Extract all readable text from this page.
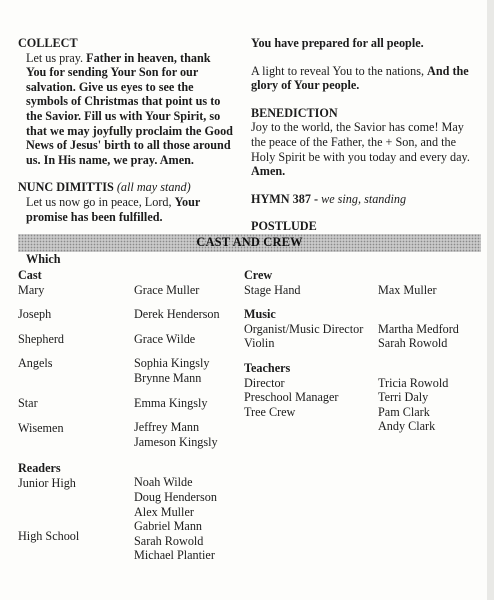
COLLECT

Let us pray. Father in heaven, thank You for sending Your Son for our salvation. Give us eyes to see the symbols of Christmas that point us to the Savior. Fill us with Your Spirit, so that we may joyfully proclaim the Good News of Jesus' birth to all those around us. In His name, we pray. Amen.

NUNC DIMITTIS (all may stand)

Let us now go in peace, Lord, Your promise has been fulfilled.

Which

You have prepared for all people.

A light to reveal You to the nations, And the glory of Your people.

BENEDICTION

Joy to the world, the Savior has come! May the peace of the Father, the + Son, and the Holy Spirit be with you today and every day. Amen.

HYMN 387 - we sing, standing

POSTLUDE
CAST AND CREW
Cast
Mary
Joseph
Shepherd
Angels
Star
Wisemen
Readers
Junior High
High School
Grace Muller
Derek Henderson
Grace Wilde
Sophia Kingsly
Brynne Mann
Emma Kingsly
Jeffrey Mann
Jameson Kingsly
Noah Wilde
Doug Henderson
Alex Muller
Gabriel Mann
Sarah Rowold
Michael Plantier
Crew
Stage Hand
Music
Organist/Music Director
Violin
Teachers
Director
Preschool Manager
Tree Crew
Max Muller
Martha Medford
Sarah Rowold
Tricia Rowold
Terri Daly
Pam Clark
Andy Clark
